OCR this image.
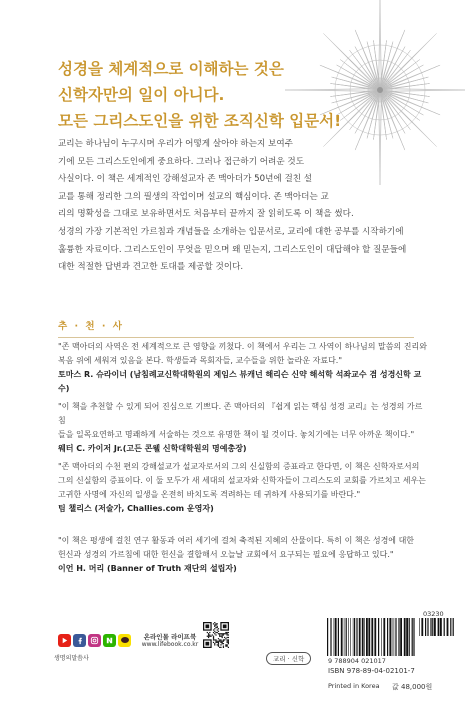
성경을 체계적으로 이해하는 것은
신학자만의 일이 아니다.
모든 그리스도인을 위한 조직신학 입문서!
교리는 하나님이 누구시며 우리가 어떻게 살아야 하는지 보여주
기에 모든 그리스도인에게 중요하다. 그러나 접근하기 어려운 것도
사실이다. 이 책은 세계적인 강해설교자 존 맥아더가 50년에 걸친 설
교를 통해 정리한 그의 필생의 작업이며 설교의 핵심이다. 존 맥아더는 교
리의 명확성을 그대로 보유하면서도 처음부터 끝까지 잘 읽히도록 이 책을 썼다.
성경의 가장 기본적인 가르침과 개념들을 소개하는 입문서로, 교리에 대한 공부를 시작하기에
훌륭한 자료이다. 그리스도인이 무엇을 믿으며 왜 믿는지, 그리스도인이 대답해야 할 질문들에
대한 적절한 답변과 견고한 토대를 제공할 것이다.
추 · 천 · 사
"존 맥아더의 사역은 전 세계적으로 큰 영향을 끼쳤다. 이 책에서 우리는 그 사역이 하나님의 말씀의 진리와
복음 위에 세워져 있음을 본다. 학생들과 목회자들, 교수들을 위한 놀라운 자료다."
토마스 R. 슈라이너 (남침례교신학대학원의 제임스 뷰캐넌 해리슨 신약 해석학 석좌교수 겸 성경신학 교수)
"이 책을 추천할 수 있게 되어 진심으로 기쁘다. 존 맥아더의 『쉽게 읽는 핵심 성경 교리』는 성경의 가르침
들을 일목요연하고 명쾌하게 서술하는 것으로 유명한 책이 될 것이다. 놓치기에는 너무 아까운 책이다."
웨터 C. 카이저 Jr.(고든 콘웰 신학대학원의 명예총장)
"존 맥아더의 수천 편의 강해설교가 설교자로서의 그의 신실함의 증표라고 한다면, 이 책은 신학자로서의
그의 신실함의 증표이다. 이 둘 모두가 새 세대의 설교자와 신학자들이 그리스도의 교회를 가르치고 세우는
고귀한 사명에 자신의 일생을 온전히 바치도록 격려하는 데 귀하게 사용되기를 바란다."
팀 챌리스 (저술가, Challies.com 운영자)
"이 책은 평생에 걸친 연구 활동과 여러 세기에 걸쳐 축적된 지혜의 산물이다. 특히 이 책은 성경에 대한
헌신과 성경의 가르침에 대한 헌신을 결합해서 오늘날 교회에서 요구되는 필요에 응답하고 있다."
이언 H. 머리 (Banner of Truth 재단의 설립자)
생명의말씀사
온라인몰 라이프북
www.lifebook.co.kr
교리 · 신학
03230
9 788904 021017
ISBN 978-89-04-02101-7
Printed in Korea 값 48,000원
